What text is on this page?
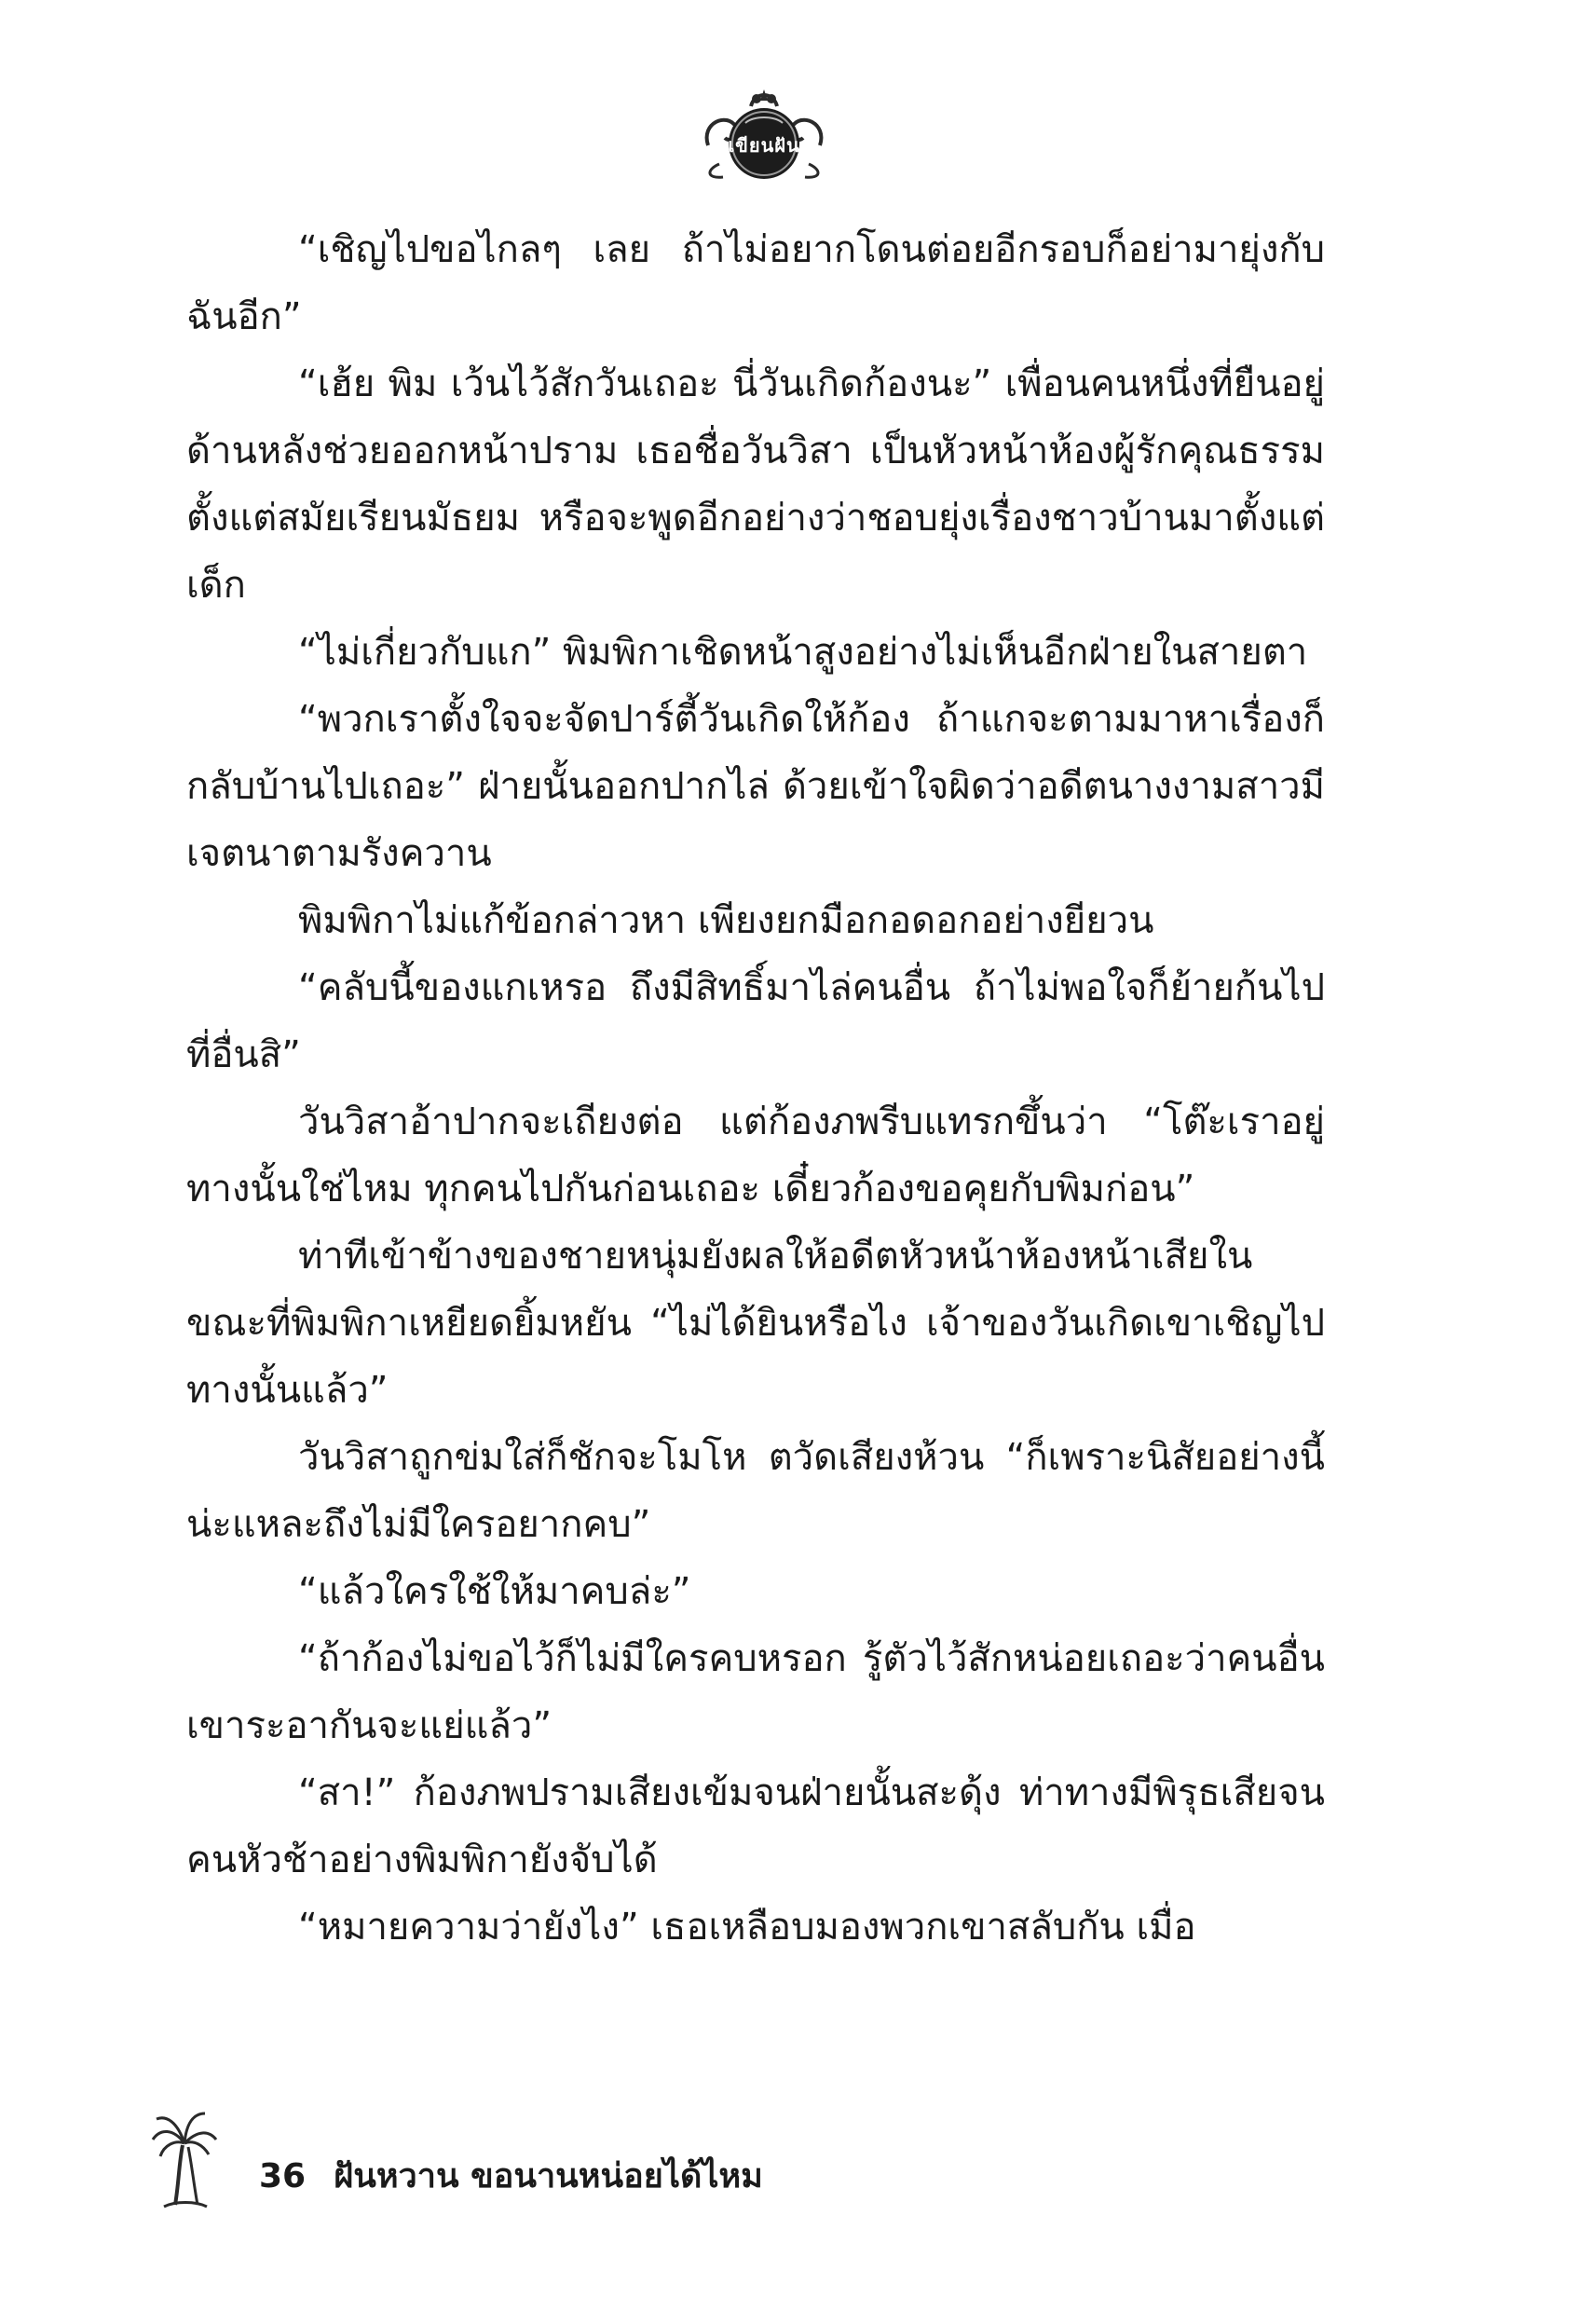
เขียนฝัน

“เชิญไปขอไกลๆ เลย ถ้าไม่อยากโดนต่อยอีกรอบก็อย่ามายุ่งกับฉันอีก”

“เฮ้ย พิม เว้นไว้สักวันเถอะ นี่วันเกิดก้องนะ” เพื่อนคนหนึ่งที่ยืนอยู่ด้านหลังช่วยออกหน้าปราม เธอชื่อวันวิสา เป็นหัวหน้าห้องผู้รักคุณธรรมตั้งแต่สมัยเรียนมัธยม หรือจะพูดอีกอย่างว่าชอบยุ่งเรื่องชาวบ้านมาตั้งแต่เด็ก

“ไม่เกี่ยวกับแก” พิมพิกาเชิดหน้าสูงอย่างไม่เห็นอีกฝ่ายในสายตา

“พวกเราตั้งใจจะจัดปาร์ตี้วันเกิดให้ก้อง ถ้าแกจะตามมาหาเรื่องก็กลับบ้านไปเถอะ” ฝ่ายนั้นออกปากไล่ ด้วยเข้าใจผิดว่าอดีตนางงามสาวมีเจตนาตามรังควาน

พิมพิกาไม่แก้ข้อกล่าวหา เพียงยกมือกอดอกอย่างยียวน

“คลับนี้ของแกเหรอ ถึงมีสิทธิ์มาไล่คนอื่น ถ้าไม่พอใจก็ย้ายก้นไปที่อื่นสิ”

วันวิสาอ้าปากจะเถียงต่อ แต่ก้องภพรีบแทรกขึ้นว่า “โต๊ะเราอยู่ทางนั้นใช่ไหม ทุกคนไปกันก่อนเถอะ เดี๋ยวก้องขอคุยกับพิมก่อน”

ท่าทีเข้าข้างของชายหนุ่มยังผลให้อดีตหัวหน้าห้องหน้าเสียในขณะที่พิมพิกาเหยียดยิ้มหยัน “ไม่ได้ยินหรือไง เจ้าของวันเกิดเขาเชิญไปทางนั้นแล้ว”

วันวิสาถูกข่มใส่ก็ชักจะโมโห ตวัดเสียงห้วน “ก็เพราะนิสัยอย่างนี้น่ะแหละถึงไม่มีใครอยากคบ”

“แล้วใครใช้ให้มาคบล่ะ”

“ถ้าก้องไม่ขอไว้ก็ไม่มีใครคบหรอก รู้ตัวไว้สักหน่อยเถอะว่าคนอื่นเขาระอากันจะแย่แล้ว”

“สา!” ก้องภพปรามเสียงเข้มจนฝ่ายนั้นสะดุ้ง ท่าทางมีพิรุธเสียจนคนหัวช้าอย่างพิมพิกายังจับได้

“หมายความว่ายังไง” เธอเหลือบมองพวกเขาสลับกัน เมื่อ

36 ฝันหวาน ขอนานหน่อยได้ไหม
